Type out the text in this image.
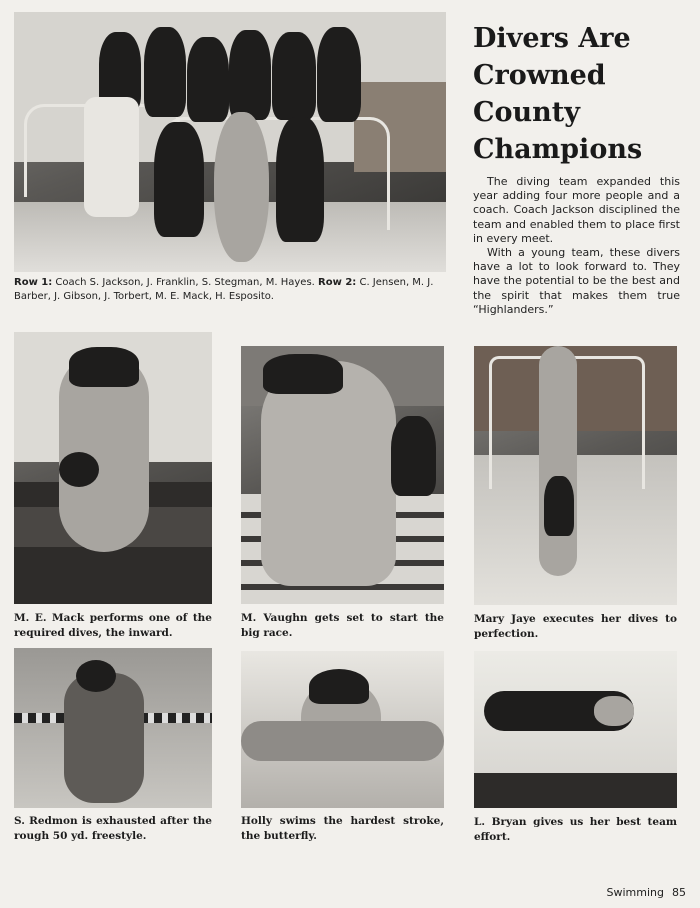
Row 1: Coach S. Jackson, J. Franklin, S. Stegman, M. Hayes. Row 2: C. Jensen, M. J. Barber, J. Gibson, J. Torbert, M. E. Mack, H. Esposito.
Divers Are
Crowned
County
Champions

The diving team expanded this year adding four more people and a coach. Coach Jackson disciplined the team and enabled them to place first in every meet.

With a young team, these divers have a lot to look forward to. They have the potential to be the best and the spirit that makes them true “Highlanders.”

M. E. Mack performs one of the required dives, the inward.
M. Vaughn gets set to start the big race.
Mary Jaye executes her dives to perfection.
S. Redmon is exhausted after the rough 50 yd. freestyle.
Holly swims the hardest stroke, the butterfly.
L. Bryan gives us her best team effort.
Swimming 85
